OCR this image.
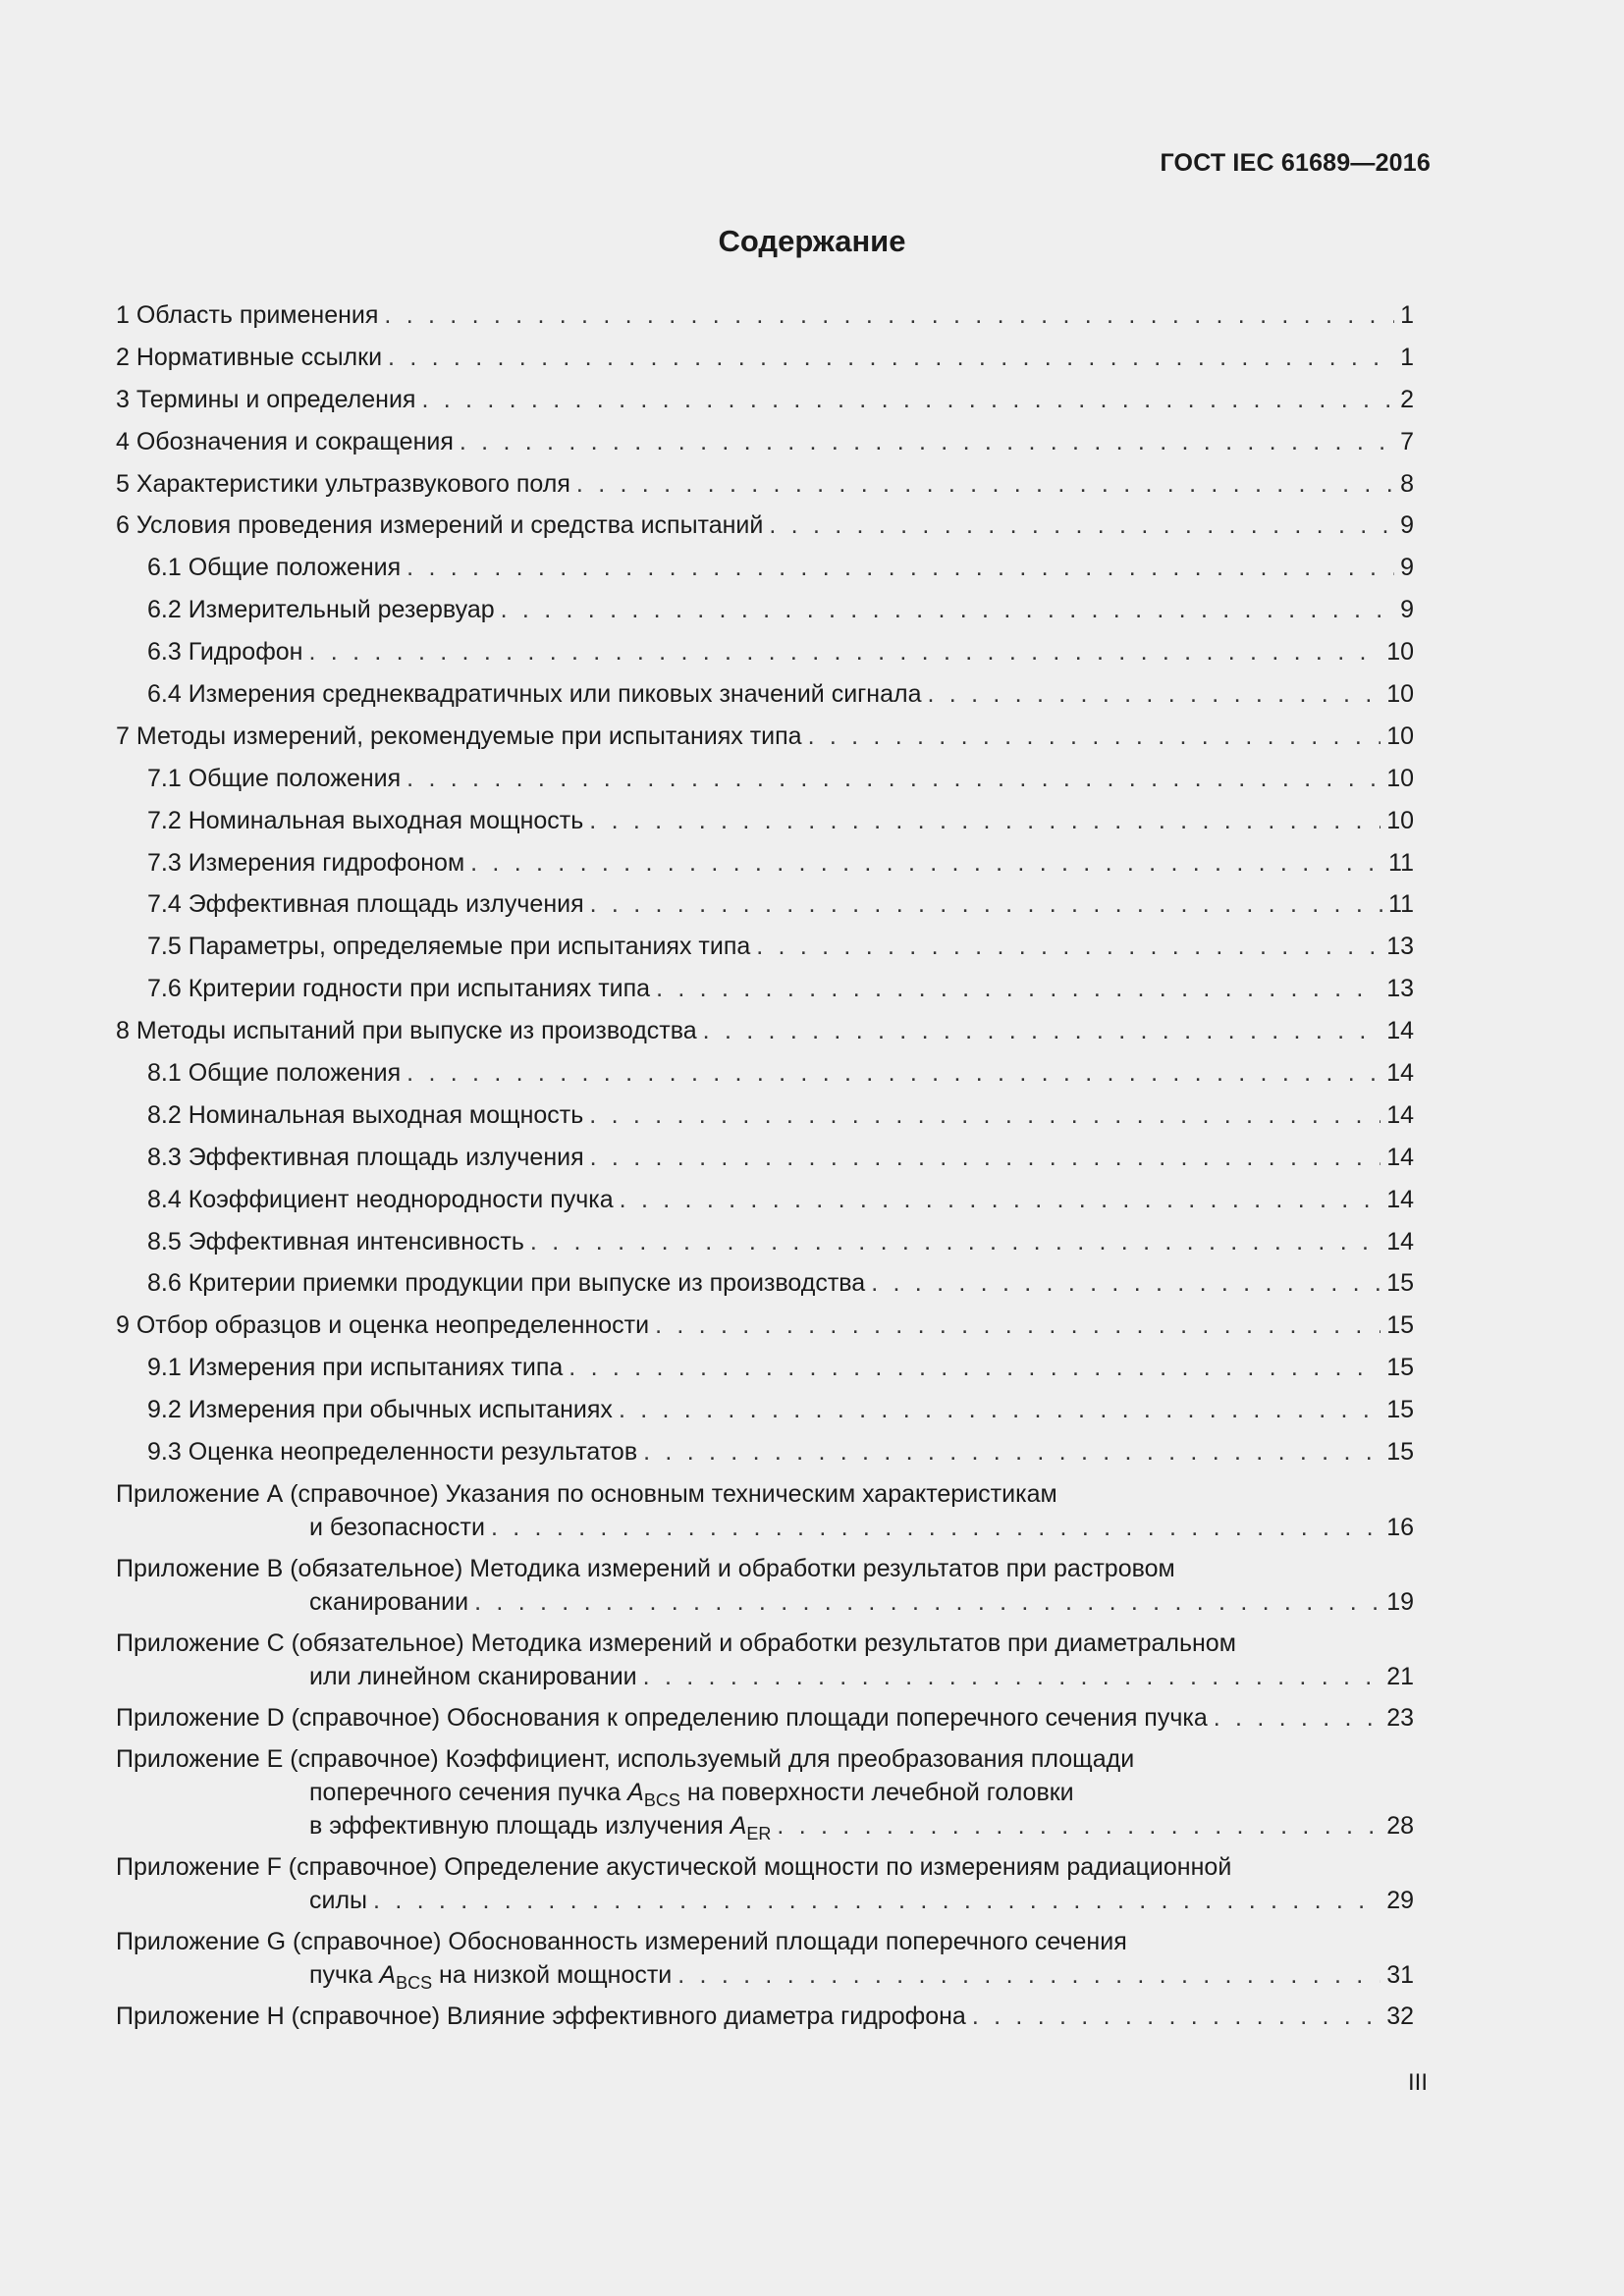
ГОСТ IEC 61689—2016
Содержание
1 Область применения . . .	1
2 Нормативные ссылки . . .	1
3 Термины и определения . . .	2
4 Обозначения и сокращения . . .	7
5 Характеристики ультразвукового поля . . .	8
6 Условия проведения измерений и средства испытаний . . .	9
6.1 Общие положения . . .	9
6.2 Измерительный резервуар . . .	9
6.3 Гидрофон . . .	10
6.4 Измерения среднеквадратичных или пиковых значений сигнала . . .	10
7 Методы измерений, рекомендуемые при испытаниях типа . . .	10
7.1 Общие положения . . .	10
7.2 Номинальная выходная мощность . . .	10
7.3 Измерения гидрофоном . . .	11
7.4 Эффективная площадь излучения . . .	11
7.5 Параметры, определяемые при испытаниях типа . . .	13
7.6 Критерии годности при испытаниях типа . . .	13
8 Методы испытаний при выпуске из производства . . .	14
8.1 Общие положения . . .	14
8.2 Номинальная выходная мощность . . .	14
8.3 Эффективная площадь излучения . . .	14
8.4 Коэффициент неоднородности пучка . . .	14
8.5 Эффективная интенсивность . . .	14
8.6 Критерии приемки продукции при выпуске из производства . . .	15
9 Отбор образцов и оценка неопределенности . . .	15
9.1 Измерения при испытаниях типа . . .	15
9.2 Измерения при обычных испытаниях . . .	15
9.3 Оценка неопределенности результатов . . .	15
Приложение А (справочное) Указания по основным техническим характеристикам
и безопасности . . .	16
Приложение В (обязательное) Методика измерений и обработки результатов при растровом
сканировании . . .	19
Приложение С (обязательное) Методика измерений и обработки результатов при диаметральном
или линейном сканировании . . .	21
Приложение D (справочное) Обоснования к определению площади поперечного сечения пучка . . .	23
Приложение Е (справочное) Коэффициент, используемый для преобразования площади
поперечного сечения пучка $A_{BCS}$ на поверхности лечебной головки
в эффективную площадь излучения $A_{ER}$ . . .	28
Приложение F (справочное) Определение акустической мощности по измерениям радиационной
силы . . .	29
Приложение G (справочное) Обоснованность измерений площади поперечного сечения
пучка $A_{BCS}$ на низкой мощности . . .	31
Приложение Н (справочное) Влияние эффективного диаметра гидрофона . . .	32
III
